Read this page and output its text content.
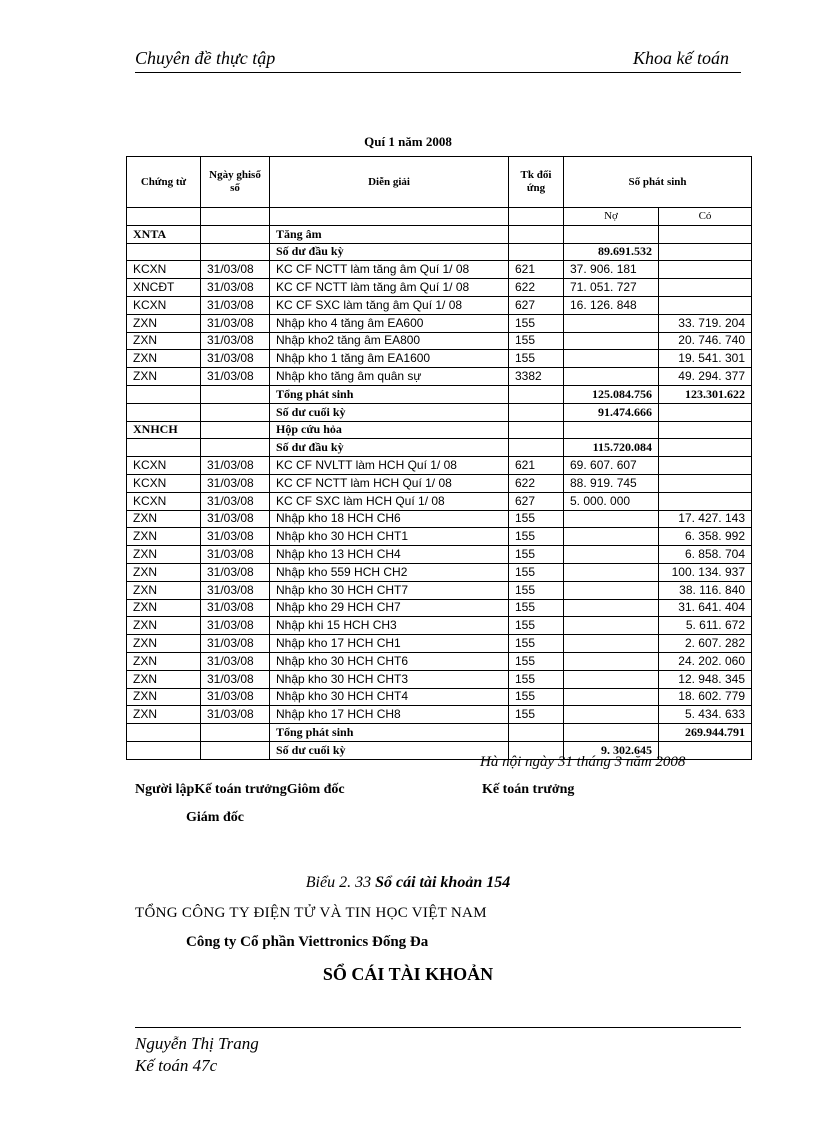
Chuyên đề thực tập	Khoa kế toán
Quí 1 năm 2008
Chứng từ	Ngày ghisổ sổ	Diễn giải	Tk đối ứng	Số phát sinh	

				Nợ	Có
XNTA		Tăng âm			
		Số dư đầu kỳ		89.691.532	
KCXN	31/03/08	KC CF NCTT làm tăng âm Quí 1/ 08	621	37. 906. 181	
XNCĐT	31/03/08	KC CF NCTT làm tăng âm Quí 1/ 08	622	71. 051. 727	
KCXN	31/03/08	KC CF SXC làm tăng âm Quí 1/ 08	627	16. 126. 848	
ZXN	31/03/08	Nhập kho 4 tăng âm EA600	155		33. 719. 204
ZXN	31/03/08	Nhập kho2 tăng âm EA800	155		20. 746. 740
ZXN	31/03/08	Nhập kho 1 tăng âm EA1600	155		19. 541. 301
ZXN	31/03/08	Nhập kho tăng âm quân sự	3382		49. 294. 377
		Tổng phát sinh		125.084.756	123.301.622
		Số dư cuối kỳ		91.474.666	
XNHCH		Hộp cứu hỏa			
		Số dư đầu kỳ		115.720.084	
KCXN	31/03/08	KC CF NVLTT làm HCH Quí 1/ 08	621	69. 607. 607	
KCXN	31/03/08	KC CF NCTT làm HCH Quí 1/ 08	622	88. 919. 745	
KCXN	31/03/08	KC CF SXC làm HCH Quí 1/ 08	627	5. 000. 000	
ZXN	31/03/08	Nhập kho 18 HCH CH6	155		17. 427. 143
ZXN	31/03/08	Nhập kho 30 HCH CHT1	155		6. 358. 992
ZXN	31/03/08	Nhập kho 13 HCH CH4	155		6. 858. 704
ZXN	31/03/08	Nhập kho 559 HCH CH2	155		100. 134. 937
ZXN	31/03/08	Nhập kho 30 HCH CHT7	155		38. 116. 840
ZXN	31/03/08	Nhập kho 29 HCH CH7	155		31. 641. 404
ZXN	31/03/08	Nhập khi 15 HCH CH3	155		5. 611. 672
ZXN	31/03/08	Nhập kho 17 HCH CH1	155		2. 607. 282
ZXN	31/03/08	Nhập kho 30 HCH CHT6	155		24. 202. 060
ZXN	31/03/08	Nhập kho 30 HCH CHT3	155		12. 948. 345
ZXN	31/03/08	Nhập kho 30 HCH CHT4	155		18. 602. 779
ZXN	31/03/08	Nhập kho 17 HCH CH8	155		5. 434. 633
		Tổng phát sinh			269.944.791
		Số dư cuối kỳ		9. 302.645	
Hà nội ngày 31 tháng 3 năm 2008
Người lậpKế toán trưởngGiôm đốc	Kế toán trưởng
Giám đốc
Biểu 2. 33 Sổ cái tài khoản 154
TỔNG CÔNG TY ĐIỆN TỬ VÀ TIN HỌC VIỆT NAM
Công ty Cổ phần Viettronics Đống Đa
SỔ CÁI TÀI KHOẢN
Nguyễn Thị Trang
Kế toán 47c
